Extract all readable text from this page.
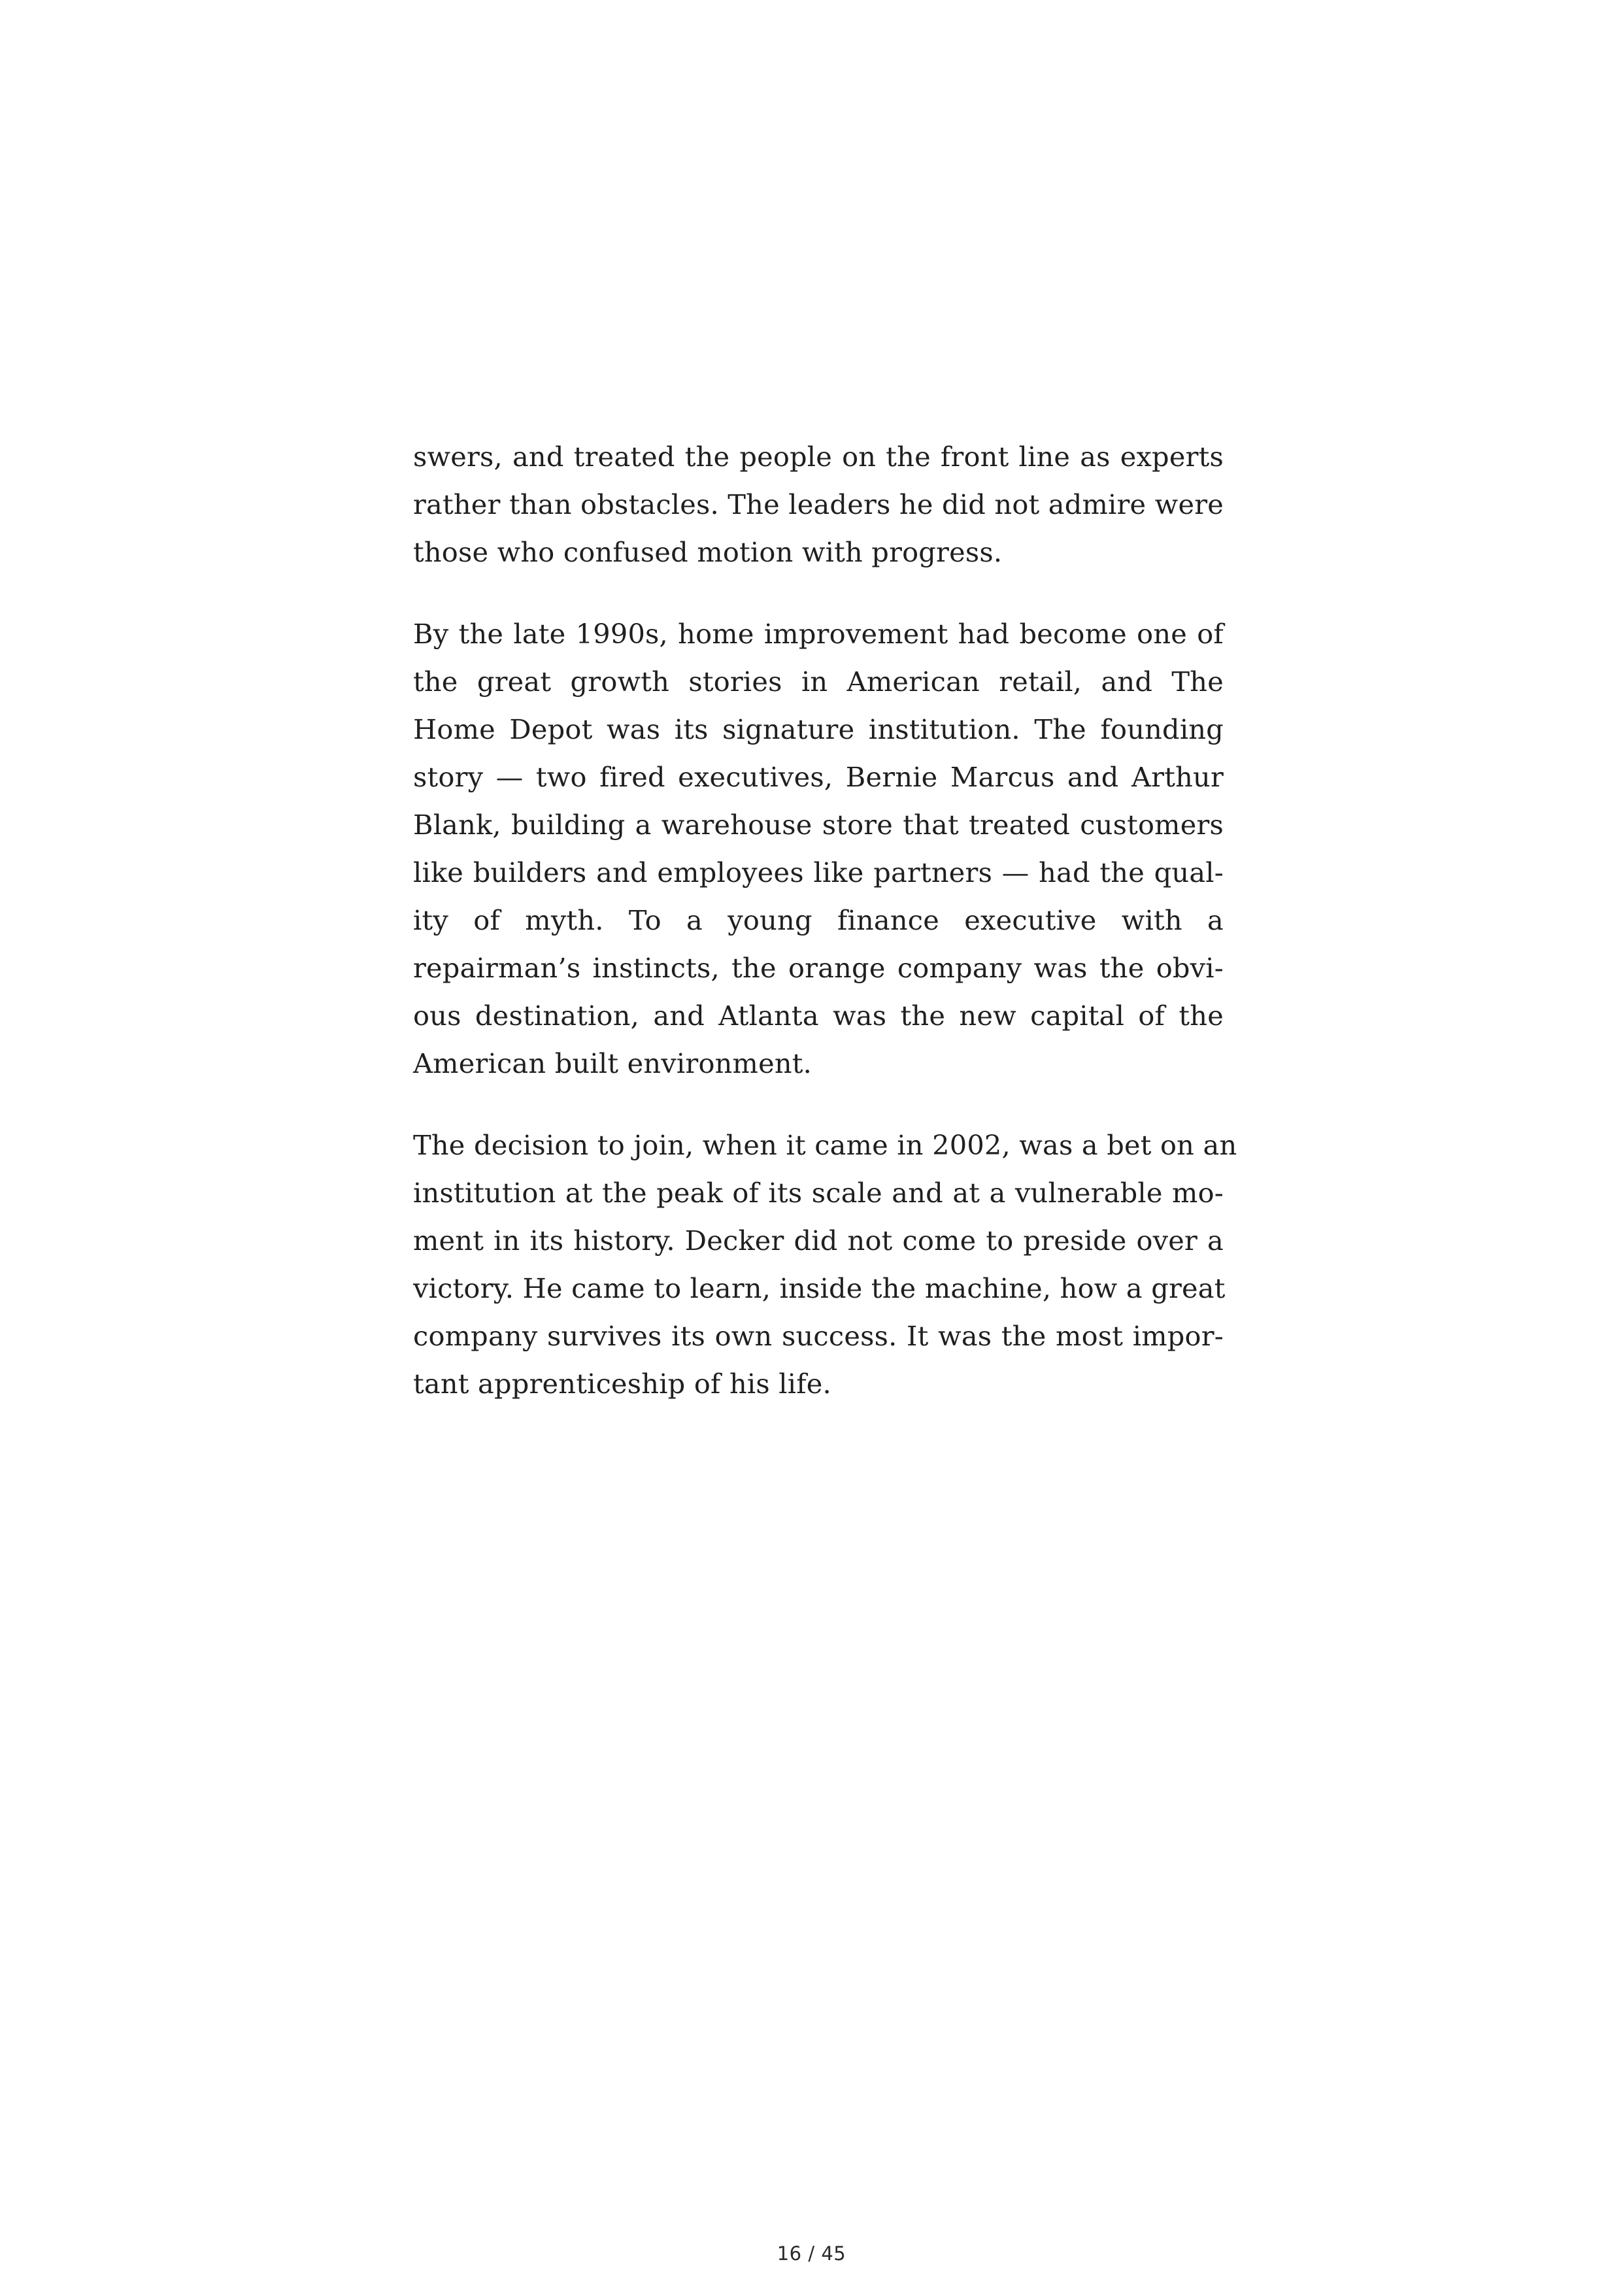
swers, and treated the people on the front line as experts
rather than obstacles. The leaders he did not admire were
those who confused motion with progress.

By the late 1990s, home improvement had become one of
the great growth stories in American retail, and The
Home Depot was its signature institution. The founding
story — two fired executives, Bernie Marcus and Arthur
Blank, building a warehouse store that treated customers
like builders and employees like partners — had the qual-
ity of myth. To a young finance executive with a
repairman’s instincts, the orange company was the obvi-
ous destination, and Atlanta was the new capital of the
American built environment.

The decision to join, when it came in 2002, was a bet on an
institution at the peak of its scale and at a vulnerable mo-
ment in its history. Decker did not come to preside over a
victory. He came to learn, inside the machine, how a great
company survives its own success. It was the most impor-
tant apprenticeship of his life.

16 / 45
